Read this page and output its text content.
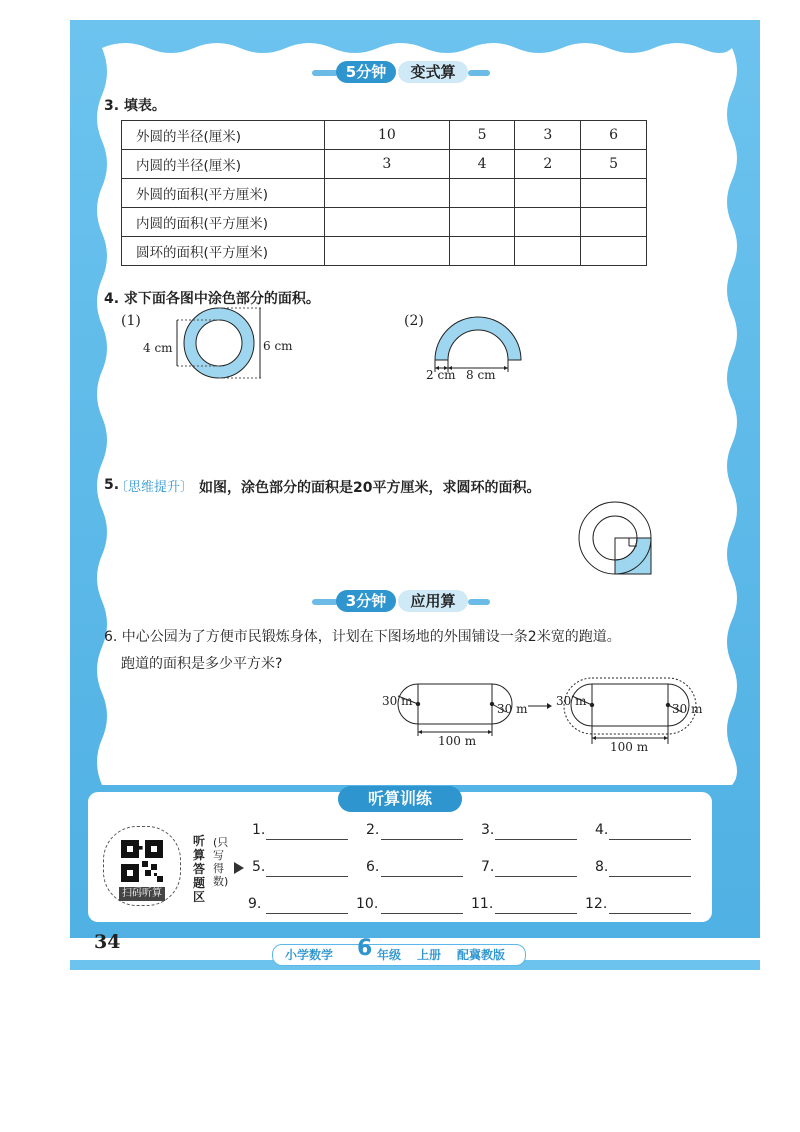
5分钟	变式算
3. 填表。
外圆的半径(厘米)	10	5	3	6
内圆的半径(厘米)	3	4	2	5
外圆的面积(平方厘米)				
内圆的面积(平方厘米)				
圆环的面积(平方厘米)				
4. 求下面各图中涂色部分的面积。
(1)
4 cm	6 cm
(2)
2 cm 8 cm
5.
〔思维提升〕 如图，涂色部分的面积是20平方厘米，求圆环的面积。
3分钟	应用算
6. 中心公园为了方便市民锻炼身体，计划在下图场地的外围铺设一条2米宽的跑道。
跑道的面积是多少平方米?
30 m
30 m
100 m
30 m
30 m
100 m
听算训练
扫码听算
听算答题区
(只写得数)
1.	2.	3.	4.
5.	6.	7.	8.
9.	10.	11.	12.
34
小学数学 6 年级 上册 配冀教版
